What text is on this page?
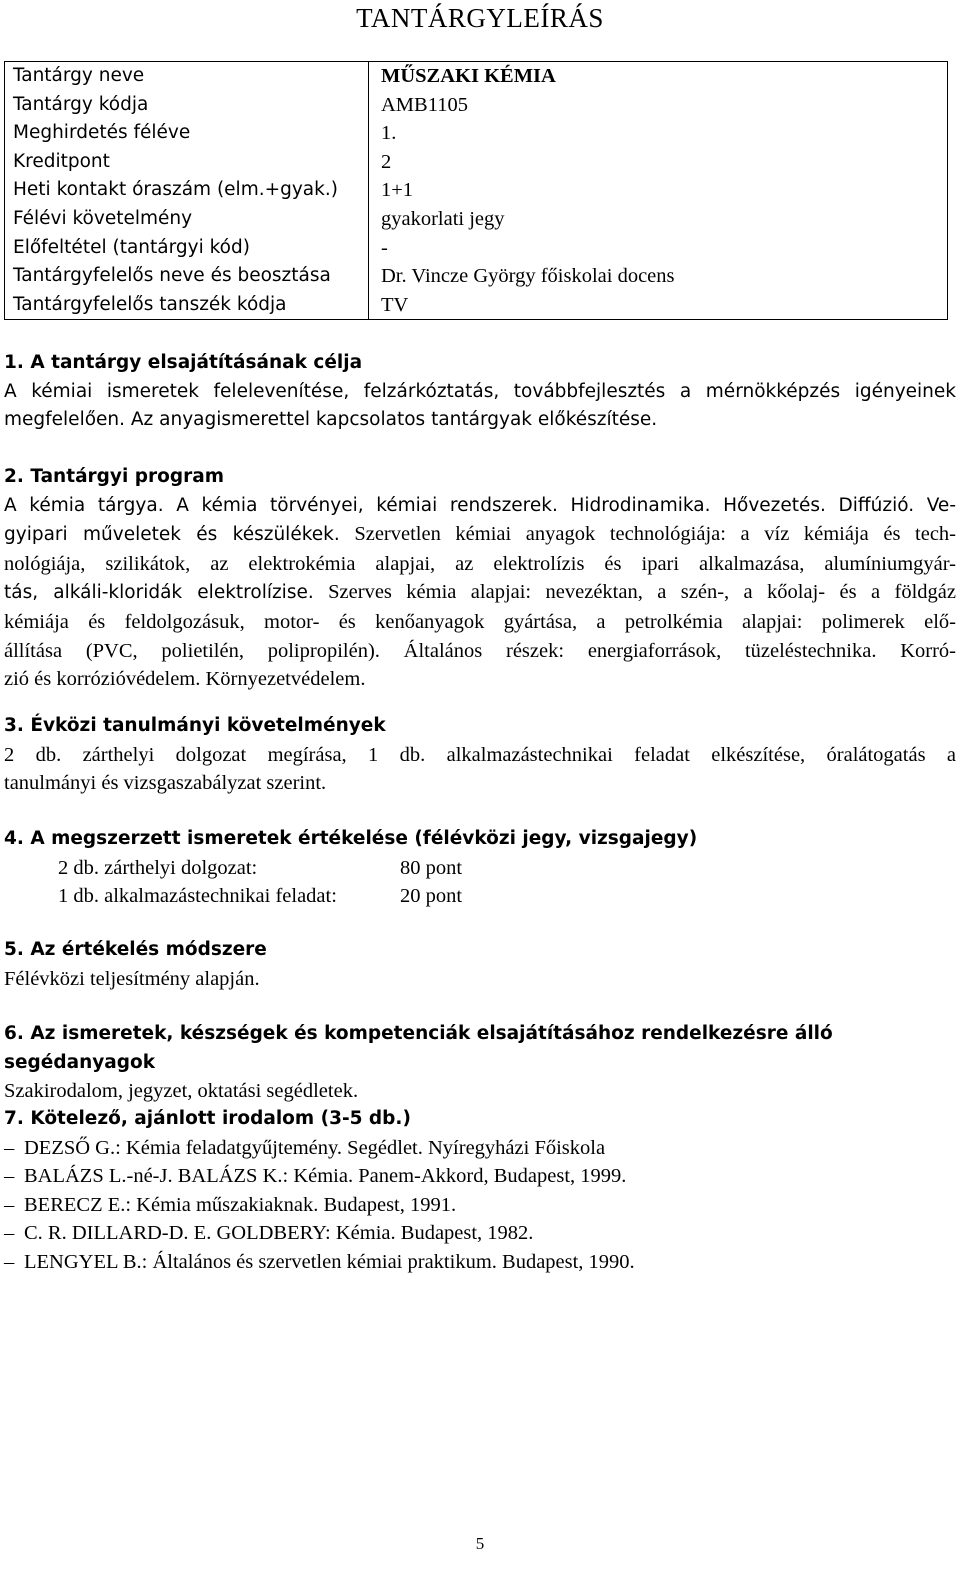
TANTÁRGYLEÍRÁS
Tantárgy neve	MŰSZAKI KÉMIA
Tantárgy kódja	AMB1105
Meghirdetés féléve	1.
Kreditpont	2
Heti kontakt óraszám (elm.+gyak.)	1+1
Félévi követelmény	gyakorlati jegy
Előfeltétel (tantárgyi kód)	-
Tantárgyfelelős neve és beosztása	Dr. Vincze György főiskolai docens
Tantárgyfelelős tanszék kódja	TV
1. A tantárgy elsajátításának célja
A kémiai ismeretek felelevenítése, felzárkóztatás, továbbfejlesztés a mérnökképzés igényeinek
megfelelően. Az anyagismerettel kapcsolatos tantárgyak előkészítése.
2. Tantárgyi program
A kémia tárgya. A kémia törvényei, kémiai rendszerek. Hidrodinamika. Hővezetés. Diffúzió. Ve-
gyipari műveletek és készülékek. Szervetlen kémiai anyagok technológiája: a víz kémiája és tech-
nológiája, szilikátok, az elektrokémia alapjai, az elektrolízis és ipari alkalmazása, alumíniumgyár-
tás, alkáli-kloridák elektrolízise. Szerves kémia alapjai: nevezéktan, a szén-, a kőolaj- és a földgáz
kémiája és feldolgozásuk, motor- és kenőanyagok gyártása, a petrolkémia alapjai: polimerek elő-
állítása (PVC, polietilén, polipropilén). Általános részek: energiaforrások, tüzeléstechnika. Korró-
zió és korrózióvédelem. Környezetvédelem.
3. Évközi tanulmányi követelmények
2 db. zárthelyi dolgozat megírása, 1 db. alkalmazástechnikai feladat elkészítése, óralátogatás a
tanulmányi és vizsgaszabályzat szerint.
4. A megszerzett ismeretek értékelése (félévközi jegy, vizsgajegy)
2 db. zárthelyi dolgozat:	80 pont
1 db. alkalmazástechnikai feladat:	20 pont
5. Az értékelés módszere
Félévközi teljesítmény alapján.
6. Az ismeretek, készségek és kompetenciák elsajátításához rendelkezésre álló segédanyagok
Szakirodalom, jegyzet, oktatási segédletek.
7. Kötelező, ajánlott irodalom (3-5 db.)
– DEZSŐ G.: Kémia feladatgyűjtemény. Segédlet. Nyíregyházi Főiskola
– BALÁZS L.-né-J. BALÁZS K.: Kémia. Panem-Akkord, Budapest, 1999.
– BERECZ E.: Kémia műszakiaknak. Budapest, 1991.
– C. R. DILLARD-D. E. GOLDBERY: Kémia. Budapest, 1982.
– LENGYEL B.: Általános és szervetlen kémiai praktikum. Budapest, 1990.
5
